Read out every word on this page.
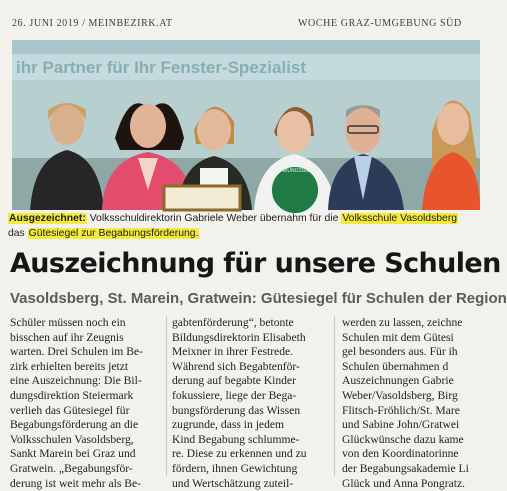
26. JUNI 2019 / MEINBEZIRK.AT	WOCHE GRAZ-UMGEBUNG SÜD
ihr Partner für Ihr Fenster-Spezialist
BEGABUNGSSIEGEL
Ausgezeichnet: Volksschuldirektorin Gabriele Weber übernahm für die Volksschule Vasoldsberg
das Gütesiegel zur Begabungsförderung.
Auszeichnung für unsere Schulen
Vasoldsberg, St. Marein, Gratwein: Gütesiegel für Schulen der Region
Schüler müssen noch ein
bisschen auf ihr Zeugnis
warten. Drei Schulen im Be-
zirk erhielten bereits jetzt
eine Auszeichnung: Die Bil-
dungsdirektion Steiermark
verlieh das Gütesiegel für
Begabungsförderung an die
Volksschulen Vasoldsberg,
Sankt Marein bei Graz und
Gratwein. „Begabungsför-
derung ist weit mehr als Be-
gabtenförderung“, betonte
Bildungsdirektorin Elisabeth
Meixner in ihrer Festrede.
Während sich Begabtenför-
derung auf begabte Kinder
fokussiere, liege der Bega-
bungsförderung das Wissen
zugrunde, dass in jedem
Kind Begabung schlumme-
re. Diese zu erkennen und zu
fördern, ihnen Gewichtung
und Wertschätzung zuteil-
werden zu lassen, zeichne
Schulen mit dem Gütesi
gel besonders aus. Für ih
Schulen übernahmen d
Auszeichnungen Gabrie
Weber/Vasoldsberg, Birg
Flitsch-Fröhlich/St. Mare
und Sabine John/Gratwei
Glückwünsche dazu kame
von den Koordinatorinne
der Begabungsakademie Li
Glück und Anna Pongratz.
